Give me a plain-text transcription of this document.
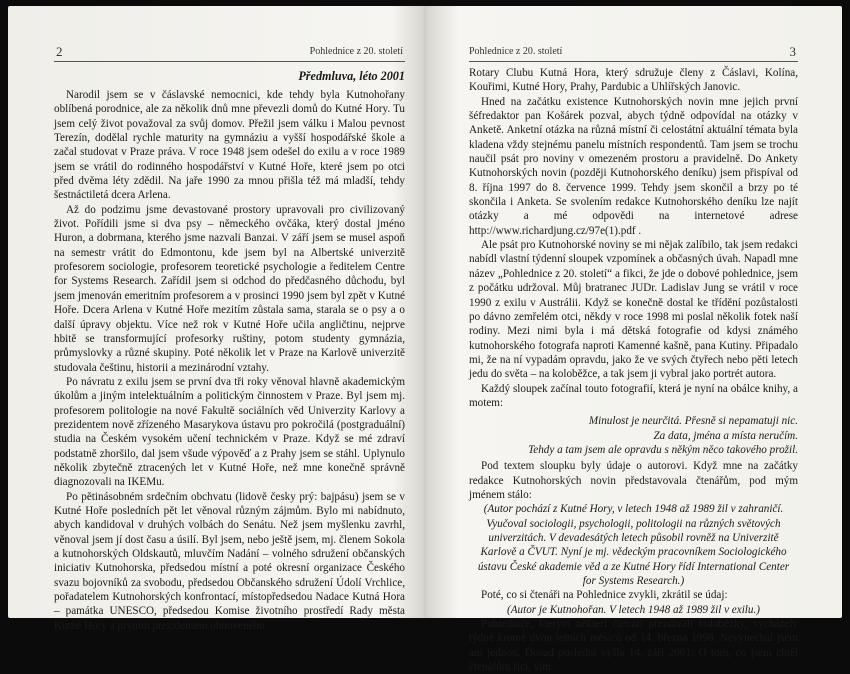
2	Pohlednice z 20. století
Předmluva, léto 2001

Narodil jsem se v čáslavské nemocnici, kde tehdy byla Kutnohořany oblíbená porodnice, ale za několik dnů mne převezli domů do Kutné Hory. Tu jsem celý život považoval za svůj domov. Přežil jsem válku i Malou pevnost Terezín, dodělal rychle maturity na gymnáziu a vyšší hospodářské škole a začal studovat v Praze práva. V roce 1948 jsem odešel do exilu a v roce 1989 jsem se vrátil do rodinného hospodářství v Kutné Hoře, které jsem po otci před dvěma léty zdědil. Na jaře 1990 za mnou přišla též má mladší, tehdy šestnáctiletá dcera Arlena.

Až do podzimu jsme devastované prostory upravovali pro civilizovaný život. Pořídili jsme si dva psy – německého ovčáka, který dostal jméno Huron, a dobrmana, kterého jsme nazvali Banzai. V září jsem se musel aspoň na semestr vrátit do Edmontonu, kde jsem byl na Albertské univerzitě profesorem sociologie, profesorem teoretické psychologie a ředitelem Centre for Systems Research. Zařídil jsem si odchod do předčasného důchodu, byl jsem jmenován emeritním profesorem a v prosinci 1990 jsem byl zpět v Kutné Hoře. Dcera Arlena v Kutné Hoře mezitím zůstala sama, starala se o psy a o další úpravy objektu. Více než rok v Kutné Hoře učila angličtinu, nejprve hbitě se transformující profesorky ruštiny, potom studenty gymnázia, průmyslovky a různé skupiny. Poté několik let v Praze na Karlově univerzitě studovala češtinu, historii a mezinárodní vztahy.

Po návratu z exilu jsem se první dva tři roky věnoval hlavně akademickým úkolům a jiným intelektuálním a politickým činnostem v Praze. Byl jsem mj. profesorem politologie na nové Fakultě sociálních věd Univerzity Karlovy a prezidentem nově zřízeného Masarykova ústavu pro pokročilá (postgraduální) studia na Českém vysokém učení technickém v Praze. Když se mé zdraví podstatně zhoršilo, dal jsem všude výpověď a z Prahy jsem se stáhl. Uplynulo několik zbytečně ztracených let v Kutné Hoře, než mne konečně správně diagnozovali na IKEMu.

Po pětinásobném srdečním obchvatu (lidově česky prý: bajpásu) jsem se v Kutné Hoře posledních pět let věnoval různým zájmům. Bylo mi nabídnuto, abych kandidoval v druhých volbách do Senátu. Než jsem myšlenku zavrhl, věnoval jsem jí dost času a úsilí. Byl jsem, nebo ještě jsem, mj. členem Sokola a kutnohorských Oldskautů, mluvčím Nadání – volného sdružení občanských iniciativ Kutnohorska, předsedou místní a poté okresní organizace Českého svazu bojovníků za svobodu, předsedou Občanského sdružení Údolí Vrchlice, pořadatelem Kutnohorských konfrontací, místopředsedou Nadace Kutná Hora – památka UNESCO, předsedou Komise životního prostředí Rady města Kutné Hory a prvním prezidentem obnoveného

Pohlednice z 20. století	3

Rotary Clubu Kutná Hora, který sdružuje členy z Čáslavi, Kolína, Kouřimi, Kutné Hory, Prahy, Pardubic a Uhlířských Janovic.

Hned na začátku existence Kutnohorských novin mne jejich první šéfredaktor pan Košárek pozval, abych týdně odpovídal na otázky v Anketě. Anketní otázka na různá místní či celostátní aktuální témata byla kladena vždy stejnému panelu místních respondentů. Tam jsem se trochu naučil psát pro noviny v omezeném prostoru a pravidelně. Do Ankety Kutnohorských novin (později Kutnohorského deníku) jsem přispíval od 8. října 1997 do 8. července 1999. Tehdy jsem skončil a brzy po té skončila i Anketa. Se svolením redakce Kutnohorského deníku lze najít otázky a mé odpovědi na internetové adrese http://www.richardjung.cz/97e(1).pdf .

Ale psát pro Kutnohorské noviny se mi nějak zalíbilo, tak jsem redakci nabídl vlastní týdenní sloupek vzpomínek a občasných úvah. Napadl mne název „Pohlednice z 20. století“ a fikci, že jde o dobové pohlednice, jsem z počátku udržoval. Můj bratranec JUDr. Ladislav Jung se vrátil v roce 1990 z exilu v Austrálii. Když se konečně dostal ke třídění pozůstalosti po dávno zemřelém otci, někdy v roce 1998 mi poslal několik fotek naší rodiny. Mezi nimi byla i má dětská fotografie od kdysi známého kutnohorského fotografa naproti Kamenné kašně, pana Kutiny. Připadalo mi, že na ní vypadám opravdu, jako že ve svých čtyřech nebo pěti letech jedu do světa – na koloběžce, a tak jsem ji vybral jako portrét autora.

Každý sloupek začínal touto fotografií, která je nyní na obálce knihy, a motem:

Minulost je neurčitá. Přesně si nepamatuji nic.
Za data, jména a místa neručím.
Tehdy a tam jsem ale opravdu s někým něco takového prožil.

Pod textem sloupku byly údaje o autorovi. Když mne na začátky redakce Kutnohorských novin představovala čtenářům, pod mým jménem stálo:

(Autor pochází z Kutné Hory, v letech 1948 až 1989 žil v zahraničí. Vyučoval sociologii, psychologii, politologii na různých světových univerzitách. V devadesátých letech působil rovněž na Univerzitě Karlově a ČVUT. Nyní je mj. vědeckým pracovníkem Sociologického ústavu České akademie věd a ze Kutné Hory řídí International Center for Systems Research.)

Poté, co si čtenáři na Pohlednice zvykli, zkrátil se údaj:

(Autor je Kutnohořan. V letech 1948 až 1989 žil v exilu.)

Pohlednice, kterým některí čtenáři přezdívali koloběžky, vycházely týdně kromě dvou letních měsíců od 14. března 1998. Nevynechal jsem ani jednou. Dosud poslední vyšla 14. září 2001. O tom, co jsem chtěl čtenářům říci, vím
